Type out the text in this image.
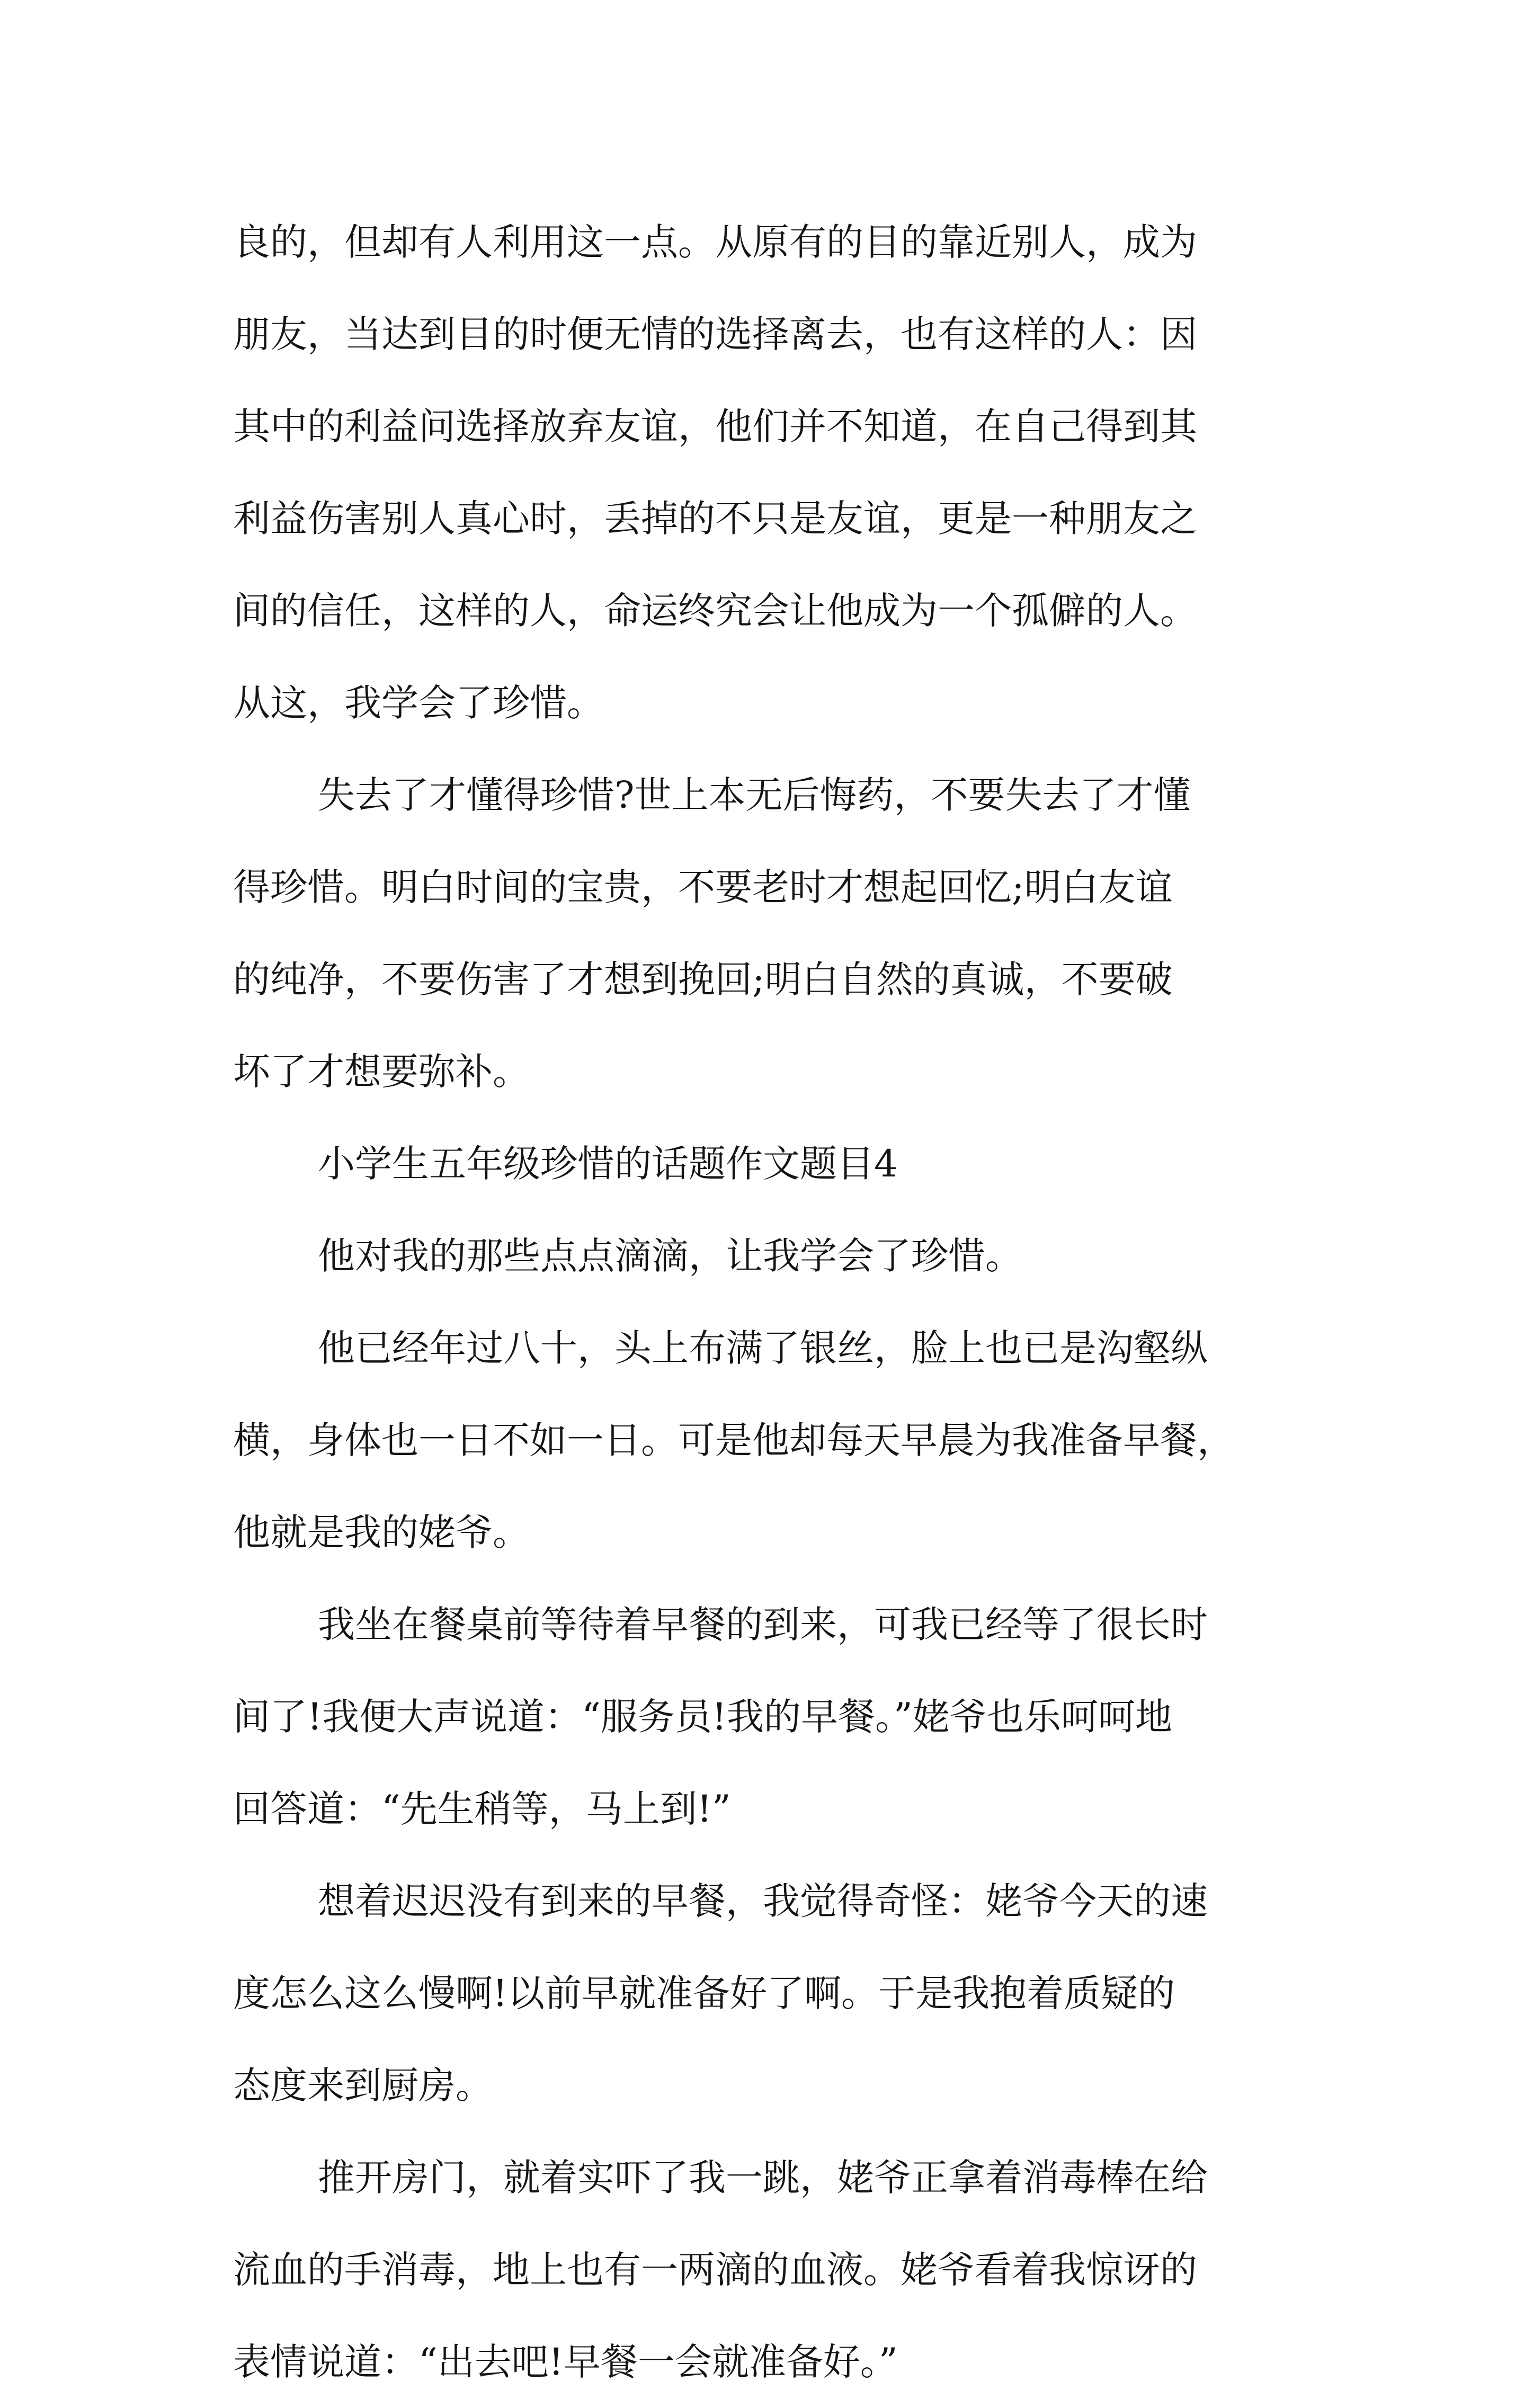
良的，但却有人利用这一点。从原有的目的靠近别人，成为
朋友，当达到目的时便无情的选择离去，也有这样的人：因
其中的利益问选择放弃友谊，他们并不知道，在自己得到其
利益伤害别人真心时，丢掉的不只是友谊，更是一种朋友之
间的信任，这样的人，命运终究会让他成为一个孤僻的人。
从这，我学会了珍惜。
失去了才懂得珍惜?世上本无后悔药，不要失去了才懂
得珍惜。明白时间的宝贵，不要老时才想起回忆;明白友谊
的纯净，不要伤害了才想到挽回;明白自然的真诚，不要破
坏了才想要弥补。
小学生五年级珍惜的话题作文题目4
他对我的那些点点滴滴，让我学会了珍惜。
他已经年过八十，头上布满了银丝，脸上也已是沟壑纵
横，身体也一日不如一日。可是他却每天早晨为我准备早餐，
他就是我的姥爷。
我坐在餐桌前等待着早餐的到来，可我已经等了很长时
间了!我便大声说道：“服务员!我的早餐。”姥爷也乐呵呵地
回答道：“先生稍等，马上到!”
想着迟迟没有到来的早餐，我觉得奇怪：姥爷今天的速
度怎么这么慢啊!以前早就准备好了啊。于是我抱着质疑的
态度来到厨房。
推开房门，就着实吓了我一跳，姥爷正拿着消毒棒在给
流血的手消毒，地上也有一两滴的血液。姥爷看着我惊讶的
表情说道：“出去吧!早餐一会就准备好。”
